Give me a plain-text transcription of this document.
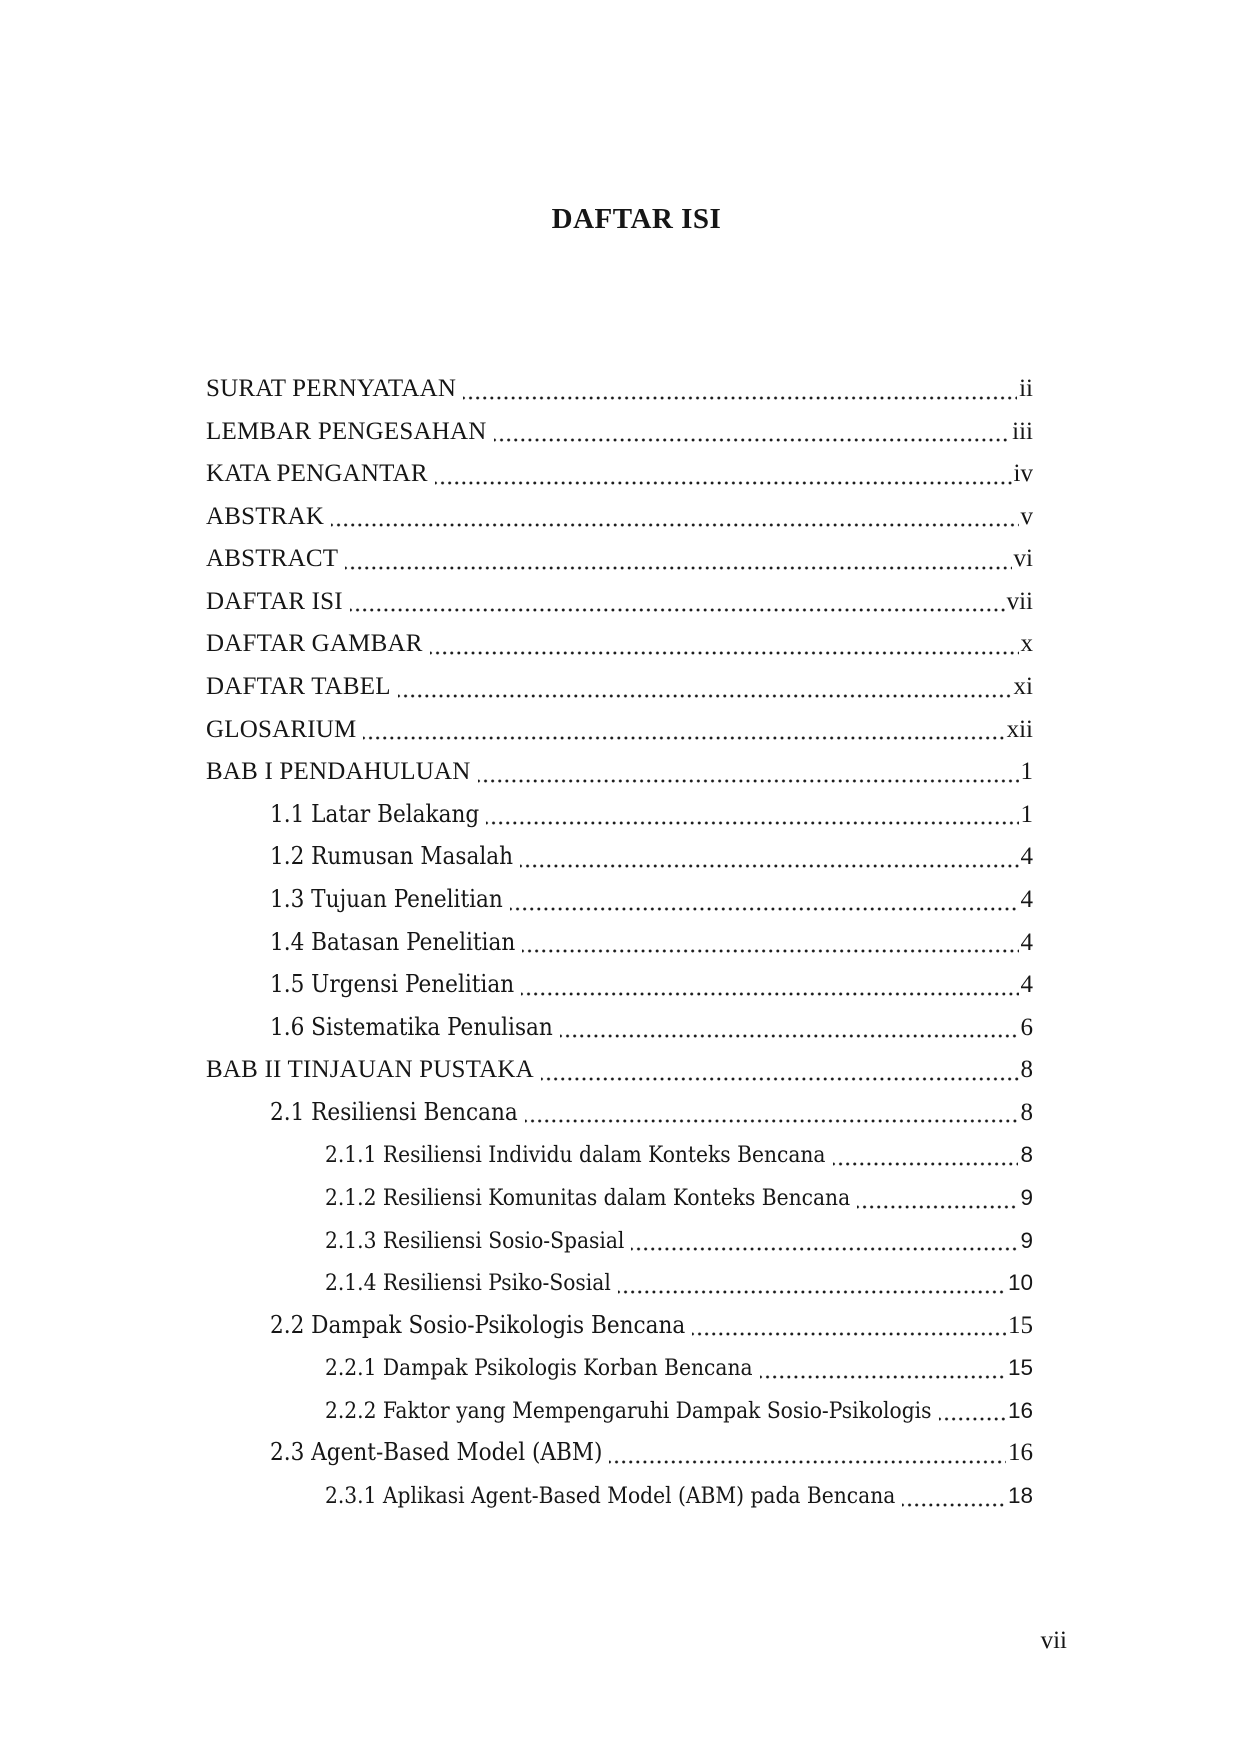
DAFTAR ISI
SURAT PERNYATAAN	ii
LEMBAR PENGESAHAN	iii
KATA PENGANTAR	iv
ABSTRAK	v
ABSTRACT	vi
DAFTAR ISI	vii
DAFTAR GAMBAR	x
DAFTAR TABEL	xi
GLOSARIUM	xii
BAB I PENDAHULUAN	1
1.1 Latar Belakang	1
1.2 Rumusan Masalah	4
1.3 Tujuan Penelitian	4
1.4 Batasan Penelitian	4
1.5 Urgensi Penelitian	4
1.6 Sistematika Penulisan	6
BAB II TINJAUAN PUSTAKA	8
2.1 Resiliensi Bencana	8
2.1.1 Resiliensi Individu dalam Konteks Bencana	8
2.1.2 Resiliensi Komunitas dalam Konteks Bencana	9
2.1.3 Resiliensi Sosio-Spasial	9
2.1.4 Resiliensi Psiko-Sosial	10
2.2 Dampak Sosio-Psikologis Bencana	15
2.2.1 Dampak Psikologis Korban Bencana	15
2.2.2 Faktor yang Mempengaruhi Dampak Sosio-Psikologis	16
2.3 Agent-Based Model (ABM)	16
2.3.1 Aplikasi Agent-Based Model (ABM) pada Bencana	18
vii
